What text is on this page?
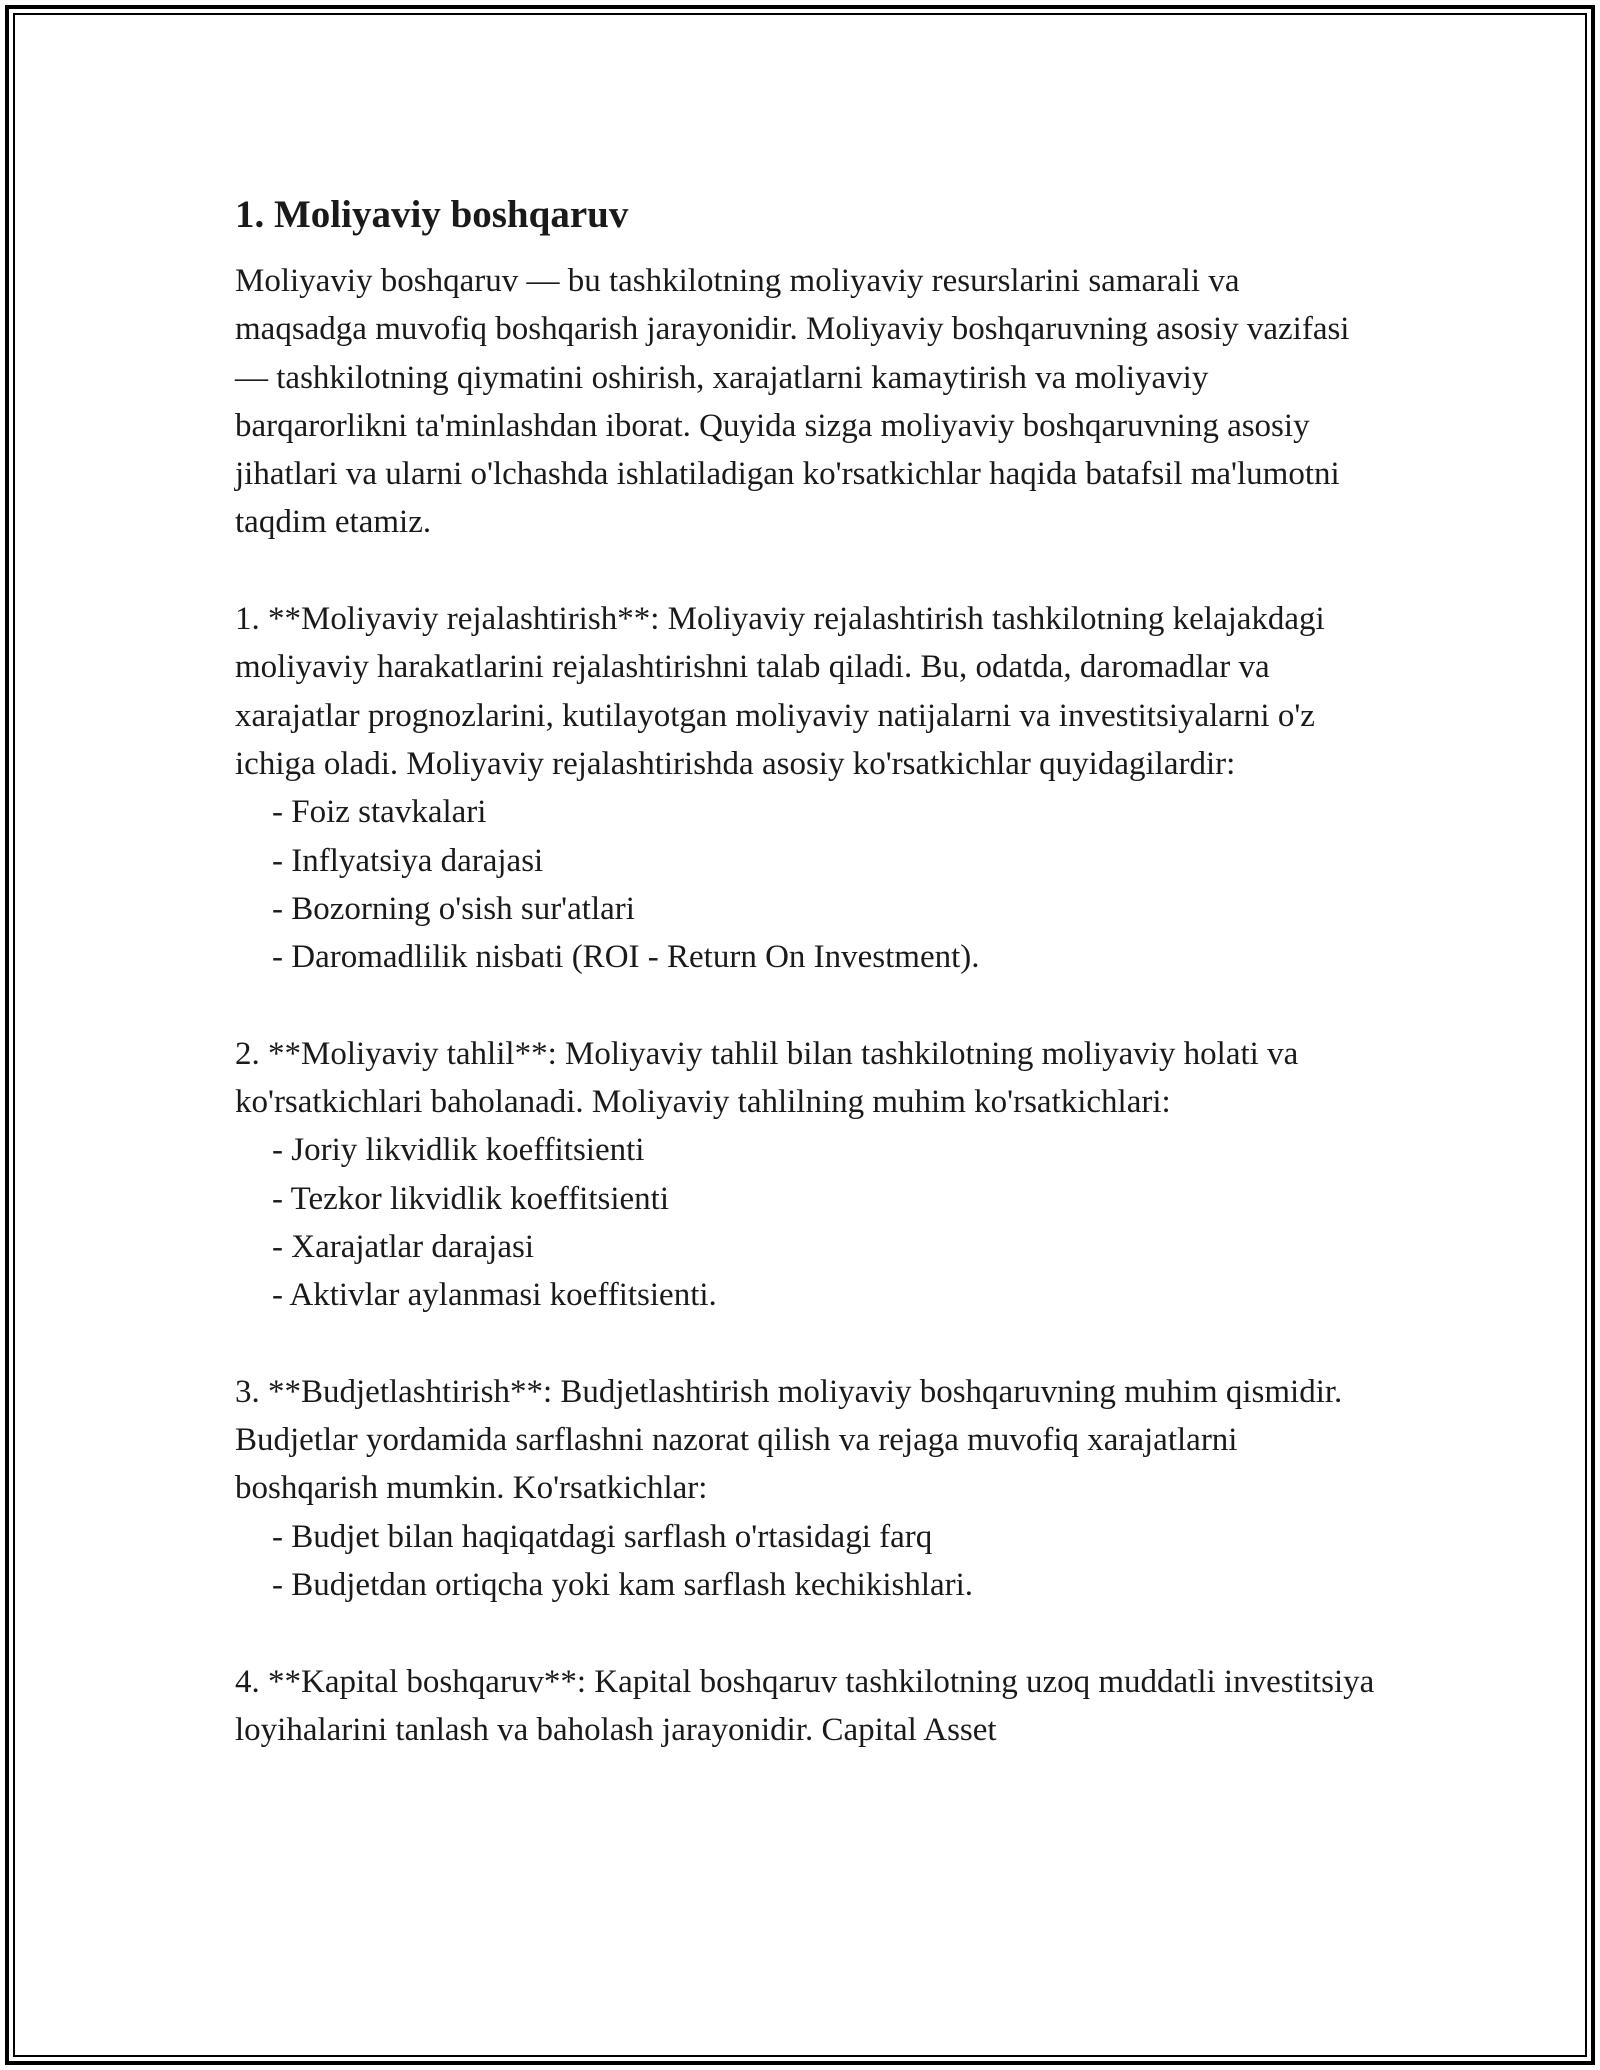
1. Moliyaviy boshqaruv

Moliyaviy boshqaruv — bu tashkilotning moliyaviy resurslarini samarali va maqsadga muvofiq boshqarish jarayonidir. Moliyaviy boshqaruvning asosiy vazifasi — tashkilotning qiymatini oshirish, xarajatlarni kamaytirish va moliyaviy barqarorlikni ta'minlashdan iborat. Quyida sizga moliyaviy boshqaruvning asosiy jihatlari va ularni o'lchashda ishlatiladigan ko'rsatkichlar haqida batafsil ma'lumotni taqdim etamiz.

1. **Moliyaviy rejalashtirish**: Moliyaviy rejalashtirish tashkilotning kelajakdagi moliyaviy harakatlarini rejalashtirishni talab qiladi. Bu, odatda, daromadlar va xarajatlar prognozlarini, kutilayotgan moliyaviy natijalarni va investitsiyalarni o'z ichiga oladi. Moliyaviy rejalashtirishda asosiy ko'rsatkichlar quyidagilardir:

- Foiz stavkalari
- Inflyatsiya darajasi
- Bozorning o'sish sur'atlari
- Daromadlilik nisbati (ROI - Return On Investment).

2. **Moliyaviy tahlil**: Moliyaviy tahlil bilan tashkilotning moliyaviy holati va ko'rsatkichlari baholanadi. Moliyaviy tahlilning muhim ko'rsatkichlari:

- Joriy likvidlik koeffitsienti
- Tezkor likvidlik koeffitsienti
- Xarajatlar darajasi
- Aktivlar aylanmasi koeffitsienti.

3. **Budjetlashtirish**: Budjetlashtirish moliyaviy boshqaruvning muhim qismidir. Budjetlar yordamida sarflashni nazorat qilish va rejaga muvofiq xarajatlarni boshqarish mumkin. Ko'rsatkichlar:

- Budjet bilan haqiqatdagi sarflash o'rtasidagi farq
- Budjetdan ortiqcha yoki kam sarflash kechikishlari.

4. **Kapital boshqaruv**: Kapital boshqaruv tashkilotning uzoq muddatli investitsiya loyihalarini tanlash va baholash jarayonidir. Capital Asset
